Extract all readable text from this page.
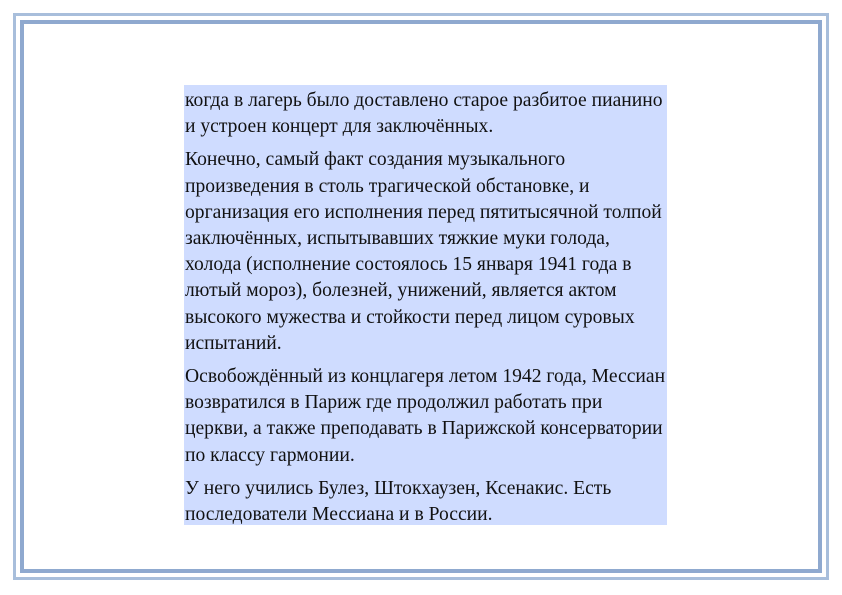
когда в лагерь было доставлено старое разбитое пианино и устроен концерт для заключённых.

Конечно, самый факт создания музыкального произведения в столь трагической обстановке, и организация его исполнения перед пятитысячной толпой заключённых, испытывавших тяжкие муки голода, холода (исполнение состоялось 15 января 1941 года в лютый мороз), болезней, унижений, является актом высокого мужества и стойкости перед лицом суровых испытаний.

Освобождённый из концлагеря летом 1942 года, Мессиан возвратился в Париж где продолжил работать при церкви, а также преподавать в Парижской консерватории по классу гармонии.

У него учились Булез, Штокхаузен, Ксенакис. Есть последователи Мессиана и в России.
